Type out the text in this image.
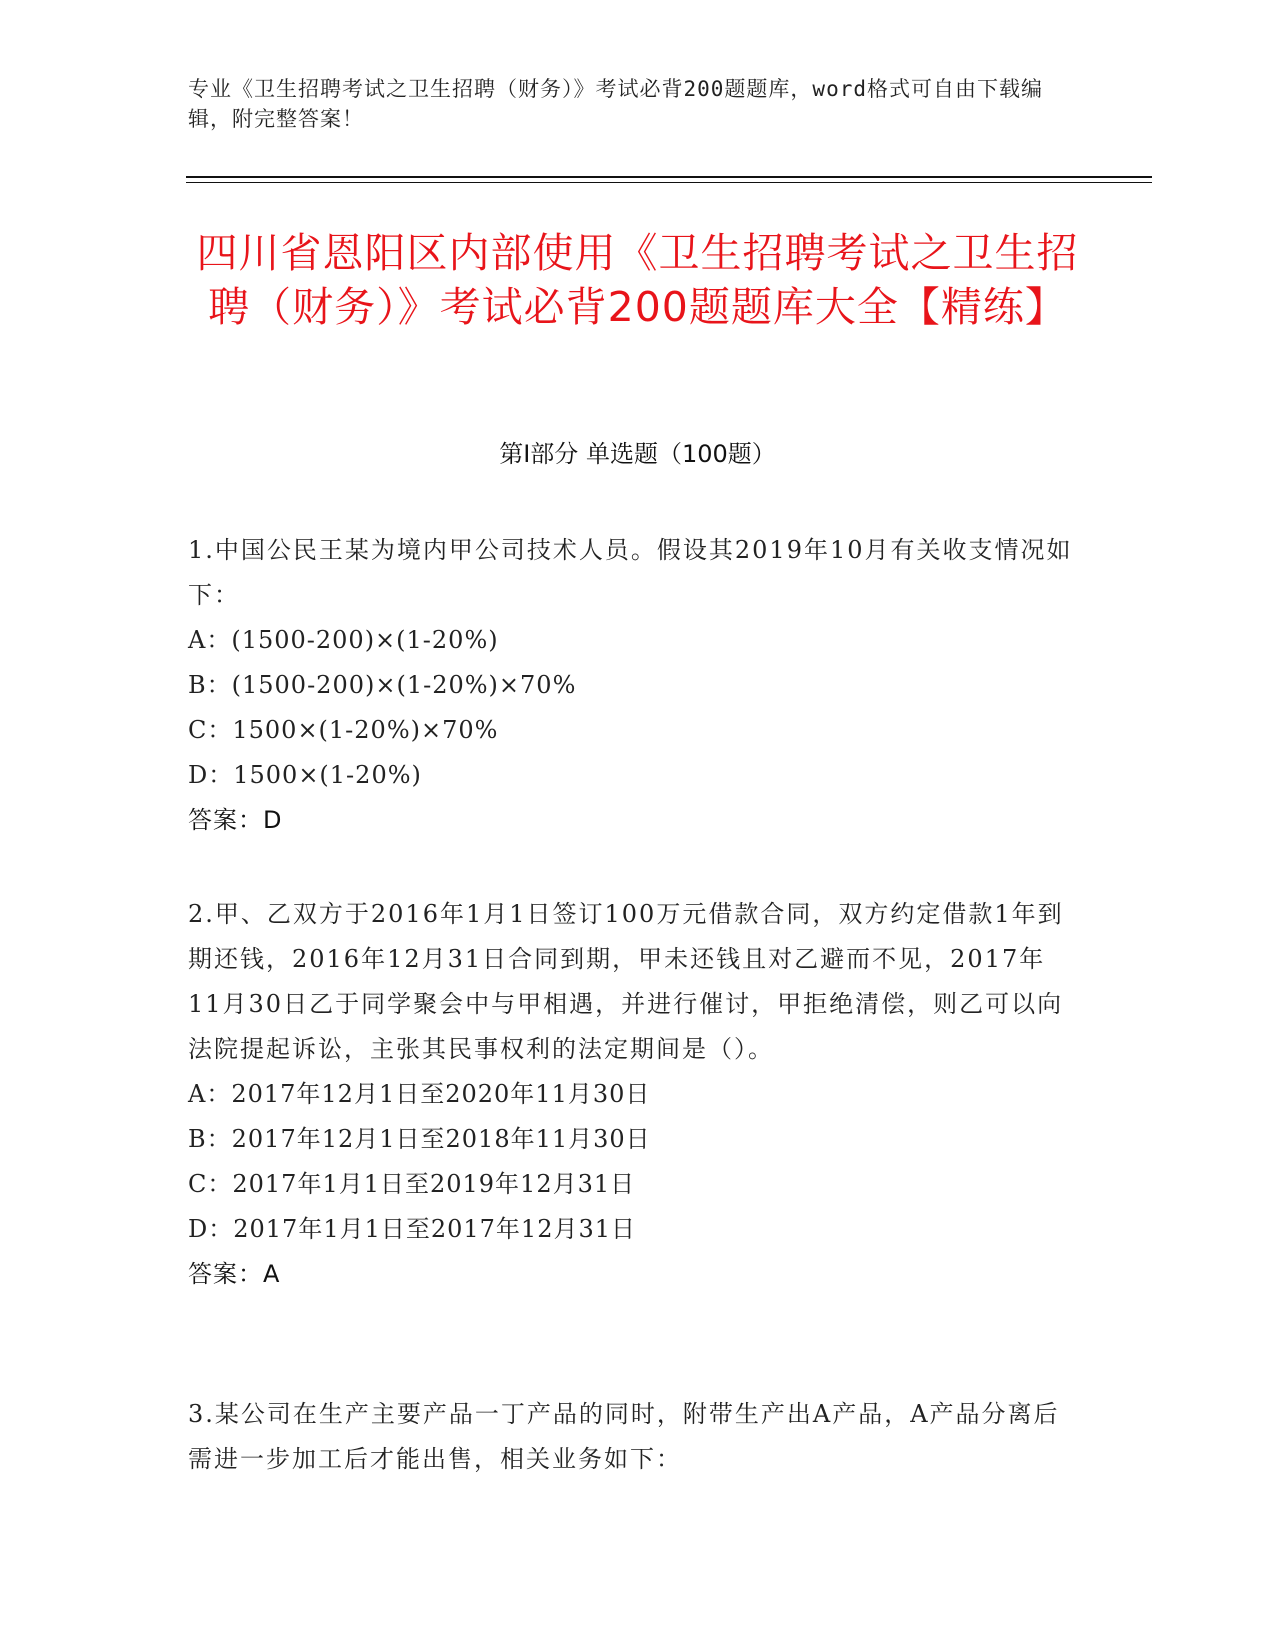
专业《卫生招聘考试之卫生招聘（财务）》考试必背200题题库，word格式可自由下载编辑，附完整答案！
四川省恩阳区内部使用《卫生招聘考试之卫生招聘（财务）》考试必背200题题库大全【精练】
第I部分 单选题（100题）
1.中国公民王某为境内甲公司技术人员。假设其2019年10月有关收支情况如下：
A：(1500-200)×(1-20%)
B：(1500-200)×(1-20%)×70%
C：1500×(1-20%)×70%
D：1500×(1-20%)
答案：D
2.甲、乙双方于2016年1月1日签订100万元借款合同，双方约定借款1年到期还钱，2016年12月31日合同到期，甲未还钱且对乙避而不见，2017年11月30日乙于同学聚会中与甲相遇，并进行催讨，甲拒绝清偿，则乙可以向法院提起诉讼，主张其民事权利的法定期间是（）。
A：2017年12月1日至2020年11月30日
B：2017年12月1日至2018年11月30日
C：2017年1月1日至2019年12月31日
D：2017年1月1日至2017年12月31日
答案：A
3.某公司在生产主要产品一丁产品的同时，附带生产出A产品，A产品分离后需进一步加工后才能出售，相关业务如下：
